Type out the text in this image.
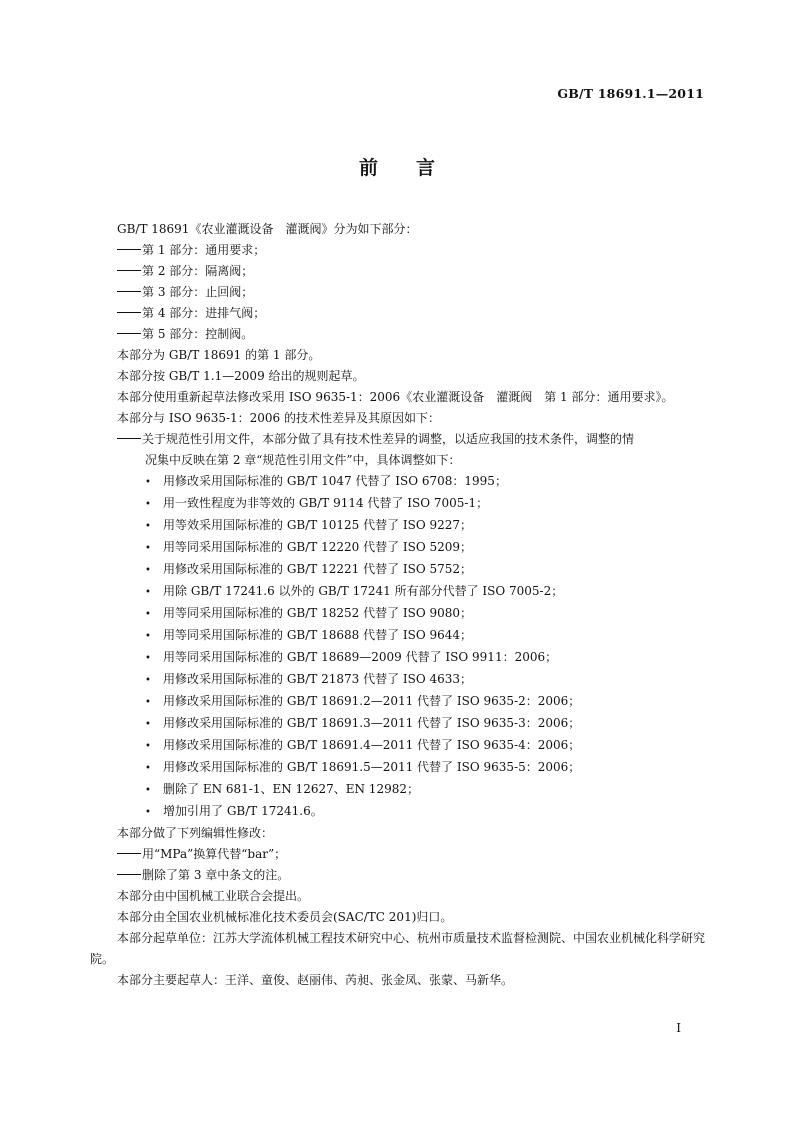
GB/T 18691.1—2011
前言
GB/T 18691《农业灌溉设备　灌溉阀》分为如下部分：
第 1 部分：通用要求；
第 2 部分：隔离阀；
第 3 部分：止回阀；
第 4 部分：进排气阀；
第 5 部分：控制阀。
本部分为 GB/T 18691 的第 1 部分。
本部分按 GB/T 1.1—2009 给出的规则起草。
本部分使用重新起草法修改采用 ISO 9635-1：2006《农业灌溉设备　灌溉阀　第 1 部分：通用要求》。
本部分与 ISO 9635-1：2006 的技术性差异及其原因如下：
关于规范性引用文件，本部分做了具有技术性差异的调整，以适应我国的技术条件，调整的情
况集中反映在第 2 章“规范性引用文件”中，具体调整如下：
• 用修改采用国际标准的 GB/T 1047 代替了 ISO 6708：1995；
• 用一致性程度为非等效的 GB/T 9114 代替了 ISO 7005-1；
• 用等效采用国际标准的 GB/T 10125 代替了 ISO 9227；
• 用等同采用国际标准的 GB/T 12220 代替了 ISO 5209；
• 用修改采用国际标准的 GB/T 12221 代替了 ISO 5752；
• 用除 GB/T 17241.6 以外的 GB/T 17241 所有部分代替了 ISO 7005-2；
• 用等同采用国际标准的 GB/T 18252 代替了 ISO 9080；
• 用等同采用国际标准的 GB/T 18688 代替了 ISO 9644；
• 用等同采用国际标准的 GB/T 18689—2009 代替了 ISO 9911：2006；
• 用修改采用国际标准的 GB/T 21873 代替了 ISO 4633；
• 用修改采用国际标准的 GB/T 18691.2—2011 代替了 ISO 9635-2：2006；
• 用修改采用国际标准的 GB/T 18691.3—2011 代替了 ISO 9635-3：2006；
• 用修改采用国际标准的 GB/T 18691.4—2011 代替了 ISO 9635-4：2006；
• 用修改采用国际标准的 GB/T 18691.5—2011 代替了 ISO 9635-5：2006；
• 删除了 EN 681-1、EN 12627、EN 12982；
• 增加引用了 GB/T 17241.6。
本部分做了下列编辑性修改：
用“MPa”换算代替“bar”；
删除了第 3 章中条文的注。
本部分由中国机械工业联合会提出。
本部分由全国农业机械标准化技术委员会(SAC/TC 201)归口。
本部分起草单位：江苏大学流体机械工程技术研究中心、杭州市质量技术监督检测院、中国农业机械化科学研究院。
本部分主要起草人：王洋、童俊、赵丽伟、芮昶、张金凤、张蒙、马新华。
I
